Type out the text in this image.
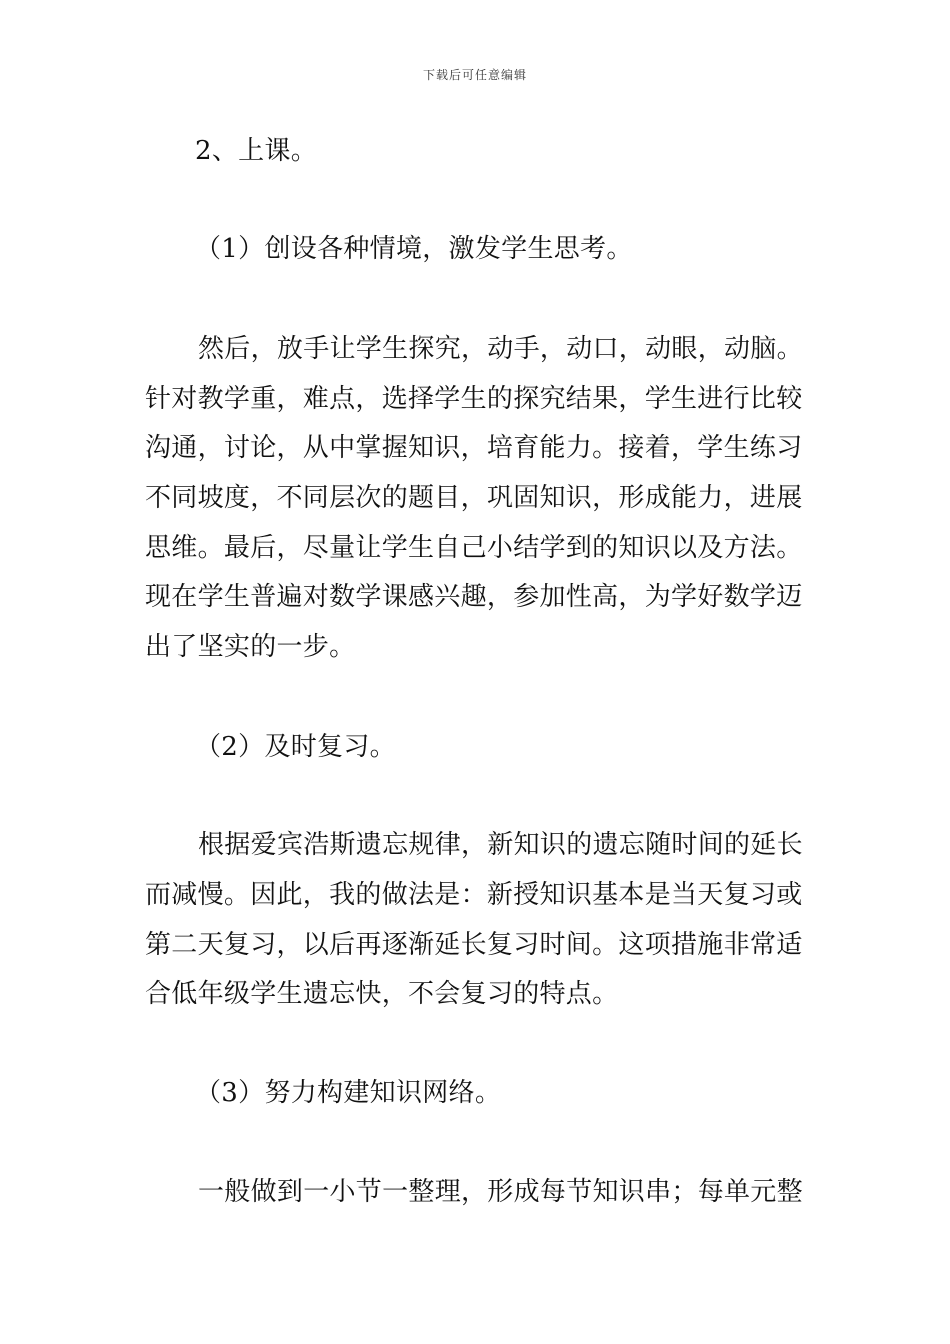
下载后可任意编辑
2、上课。
（1）创设各种情境，激发学生思考。
然后，放手让学生探究，动手，动口，动眼，动脑。
针对教学重，难点，选择学生的探究结果，学生进行比较
沟通，讨论，从中掌握知识，培育能力。接着，学生练习
不同坡度，不同层次的题目，巩固知识，形成能力，进展
思维。最后，尽量让学生自己小结学到的知识以及方法。
现在学生普遍对数学课感兴趣，参加性高，为学好数学迈
出了坚实的一步。
（2）及时复习。
根据爱宾浩斯遗忘规律，新知识的遗忘随时间的延长
而减慢。因此，我的做法是：新授知识基本是当天复习或
第二天复习，以后再逐渐延长复习时间。这项措施非常适
合低年级学生遗忘快，不会复习的特点。
（3）努力构建知识网络。
一般做到一小节一整理，形成每节知识串；每单元整
